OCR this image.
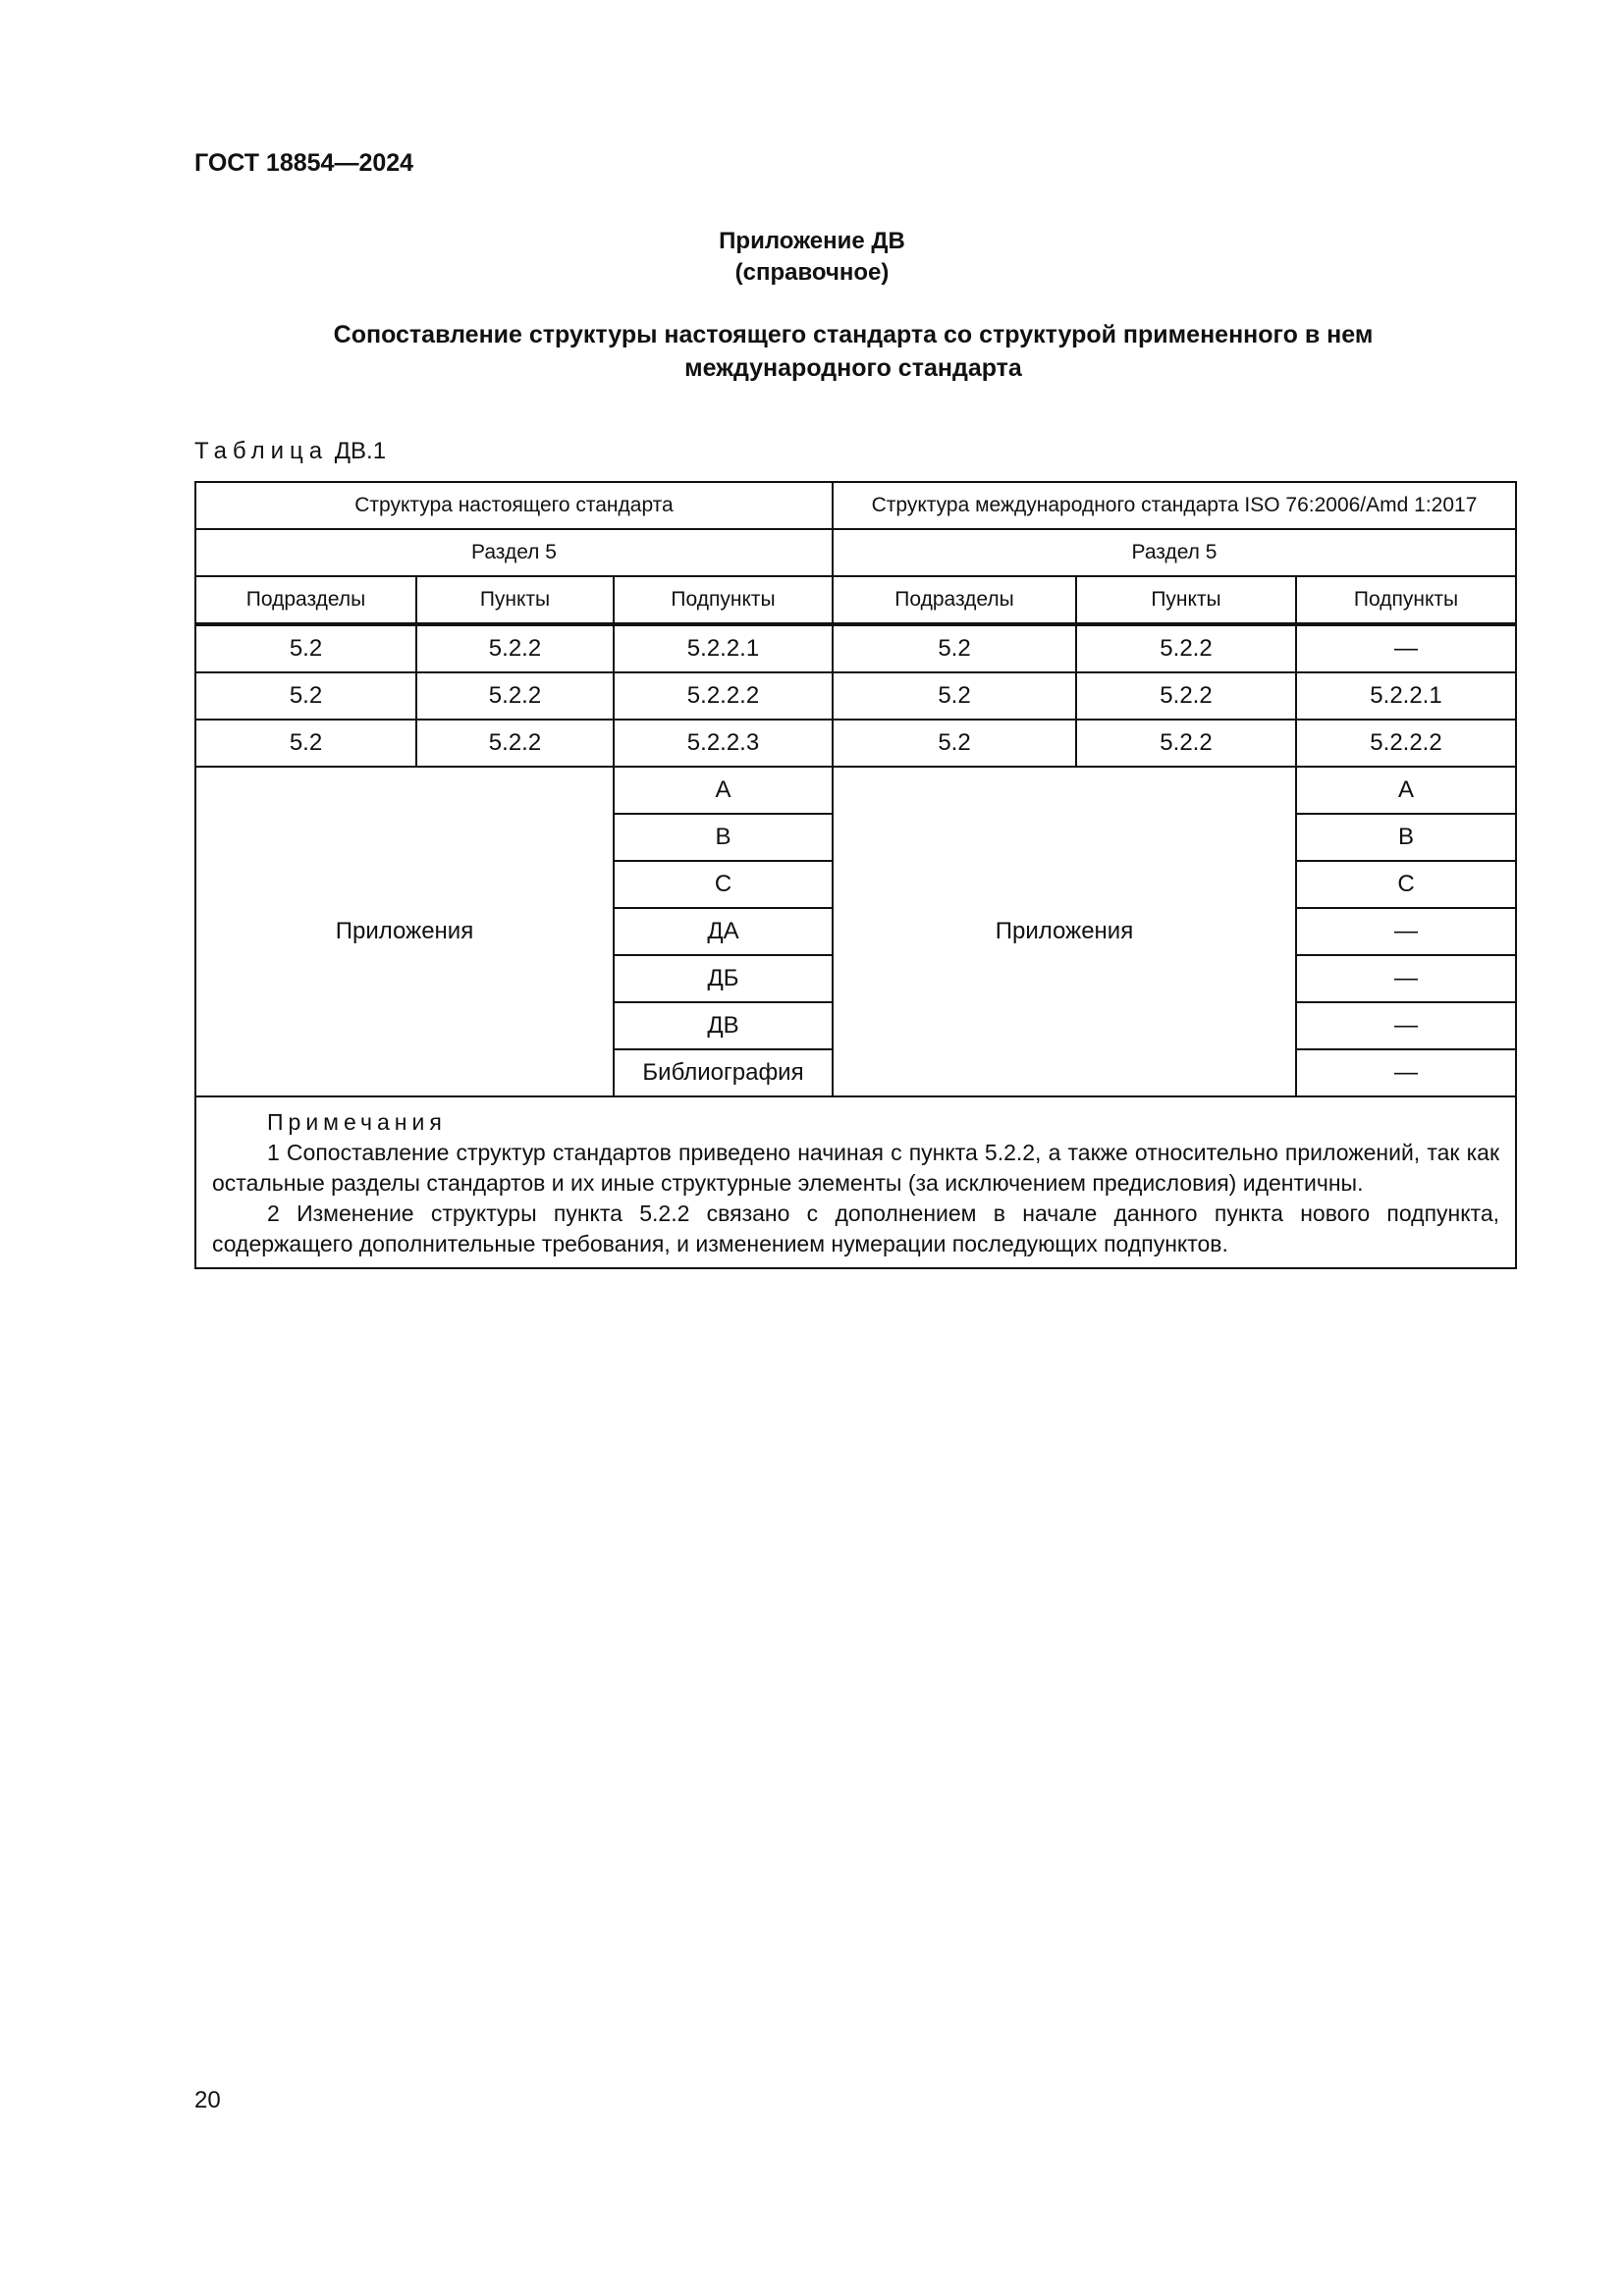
ГОСТ 18854—2024
Приложение ДВ
(справочное)
Сопоставление структуры настоящего стандарта со структурой примененного в нем
международного стандарта
Таблица ДВ.1
Структура настоящего стандарта			Структура международного стандарта ISO 76:2006/Amd 1:2017		
Раздел 5			Раздел 5		
Подразделы	Пункты	Подпункты	Подразделы	Пункты	Подпункты
5.2	5.2.2	5.2.2.1	5.2	5.2.2	—
5.2	5.2.2	5.2.2.2	5.2	5.2.2	5.2.2.1
5.2	5.2.2	5.2.2.3	5.2	5.2.2	5.2.2.2
Приложения		А	Приложения		А
		В			В
		С			С
		ДА			—
		ДБ			—
		ДВ			—
		Библиография			—

Примечания
1 Сопоставление структур стандартов приведено начиная с пункта 5.2.2, а также относительно приложений, так как остальные разделы стандартов и их иные структурные элементы (за исключением предисловия) идентичны.
2 Изменение структуры пункта 5.2.2 связано с дополнением в начале данного пункта нового подпункта, содержащего дополнительные требования, и изменением нумерации последующих подпунктов.					
20
